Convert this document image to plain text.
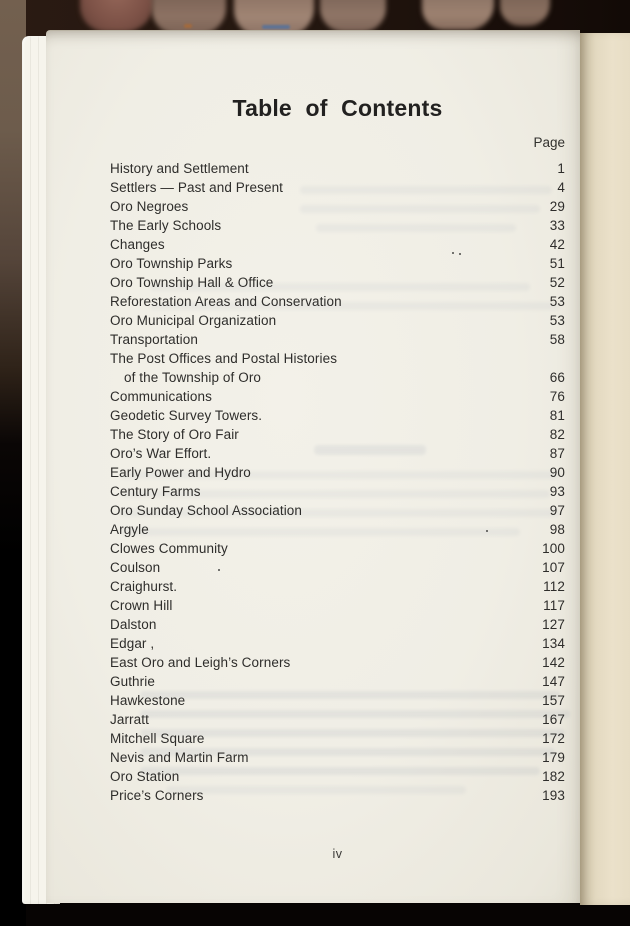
Table of Contents
Page
History and Settlement	1
Settlers — Past and Present	4
Oro Negroes	29
The Early Schools	33
Changes	42
Oro Township Parks	51
Oro Township Hall & Office	52
Reforestation Areas and Conservation	53
Oro Municipal Organization	53
Transportation	58
The Post Offices and Postal Histories
of the Township of Oro	66
Communications	76
Geodetic Survey Towers.	81
The Story of Oro Fair	82
Oro’s War Effort.	87
Early Power and Hydro	90
Century Farms	93
Oro Sunday School Association	97
Argyle	98
Clowes Community	100
Coulson	107
Craighurst.	112
Crown Hill	117
Dalston	127
Edgar ,	134
East Oro and Leigh’s Corners	142
Guthrie	147
Hawkestone	157
Jarratt	167
Mitchell Square	172
Nevis and Martin Farm	179
Oro Station	182
Price’s Corners	193
iv
